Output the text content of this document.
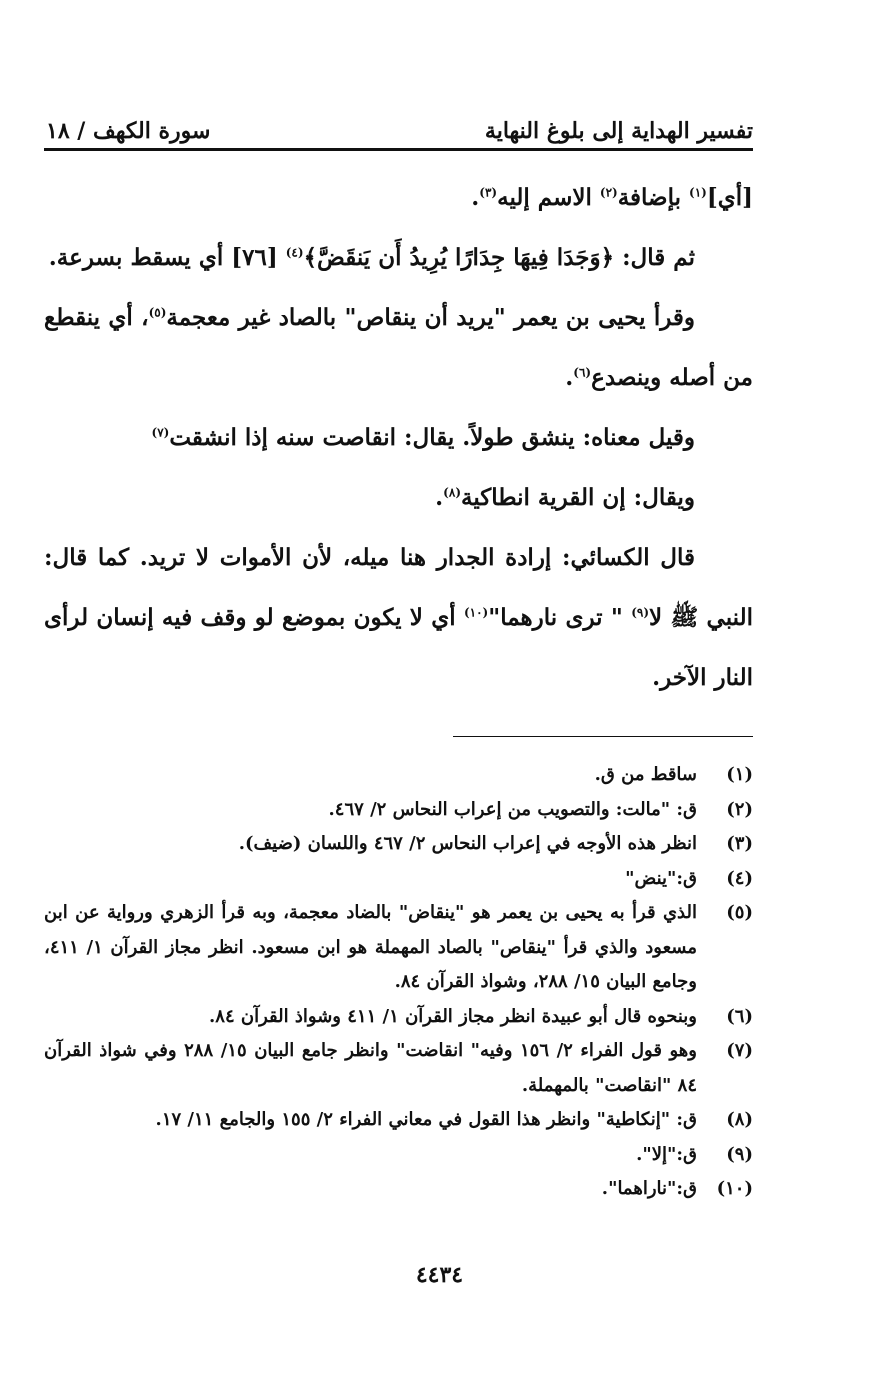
تفسير الهداية إلى بلوغ النهاية
سورة الكهف / ١٨

[أي]$^{(١)}$ بإضافة$^{(٢)}$ الاسم إليه$^{(٣)}$.

ثم قال: ﴿وَجَدَا فِيهَا جِدَارًا يُرِيدُ أَن يَنقَضَّ﴾$^{(٤)}$ [٧٦] أي يسقط بسرعة.

وقرأ يحيى بن يعمر "يريد أن ينقاص" بالصاد غير معجمة$^{(٥)}$، أي ينقطع من أصله وينصدع$^{(٦)}$.

وقيل معناه: ينشق طولاً. يقال: انقاصت سنه إذا انشقت$^{(٧)}$

ويقال: إن القرية انطاكية$^{(٨)}$.

قال الكسائي: إرادة الجدار هنا ميله، لأن الأموات لا تريد. كما قال: النبي ﷺ لا$^{(٩)}$ " ترى نارهما"$^{(١٠)}$ أي لا يكون بموضع لو وقف فيه إنسان لرأى النار الآخر.

(١)
ساقط من ق.
(٢)
ق: "مالت: والتصويب من إعراب النحاس ٢/ ٤٦٧.
(٣)
انظر هذه الأوجه في إعراب النحاس ٢/ ٤٦٧ واللسان (ضيف).
(٤)
ق:"ينض"
(٥)
الذي قرأ به يحيى بن يعمر هو "ينقاض" بالضاد معجمة، وبه قرأ الزهري ورواية عن ابن مسعود والذي قرأ "ينقاص" بالصاد المهملة هو ابن مسعود. انظر مجاز القرآن ١/ ٤١١، وجامع البيان ١٥/ ٢٨٨، وشواذ القرآن ٨٤.
(٦)
وبنحوه قال أبو عبيدة انظر مجاز القرآن ١/ ٤١١ وشواذ القرآن ٨٤.
(٧)
وهو قول الفراء ٢/ ١٥٦ وفيه" انقاضت" وانظر جامع البيان ١٥/ ٢٨٨ وفي شواذ القرآن ٨٤ "انقاصت" بالمهملة.
(٨)
ق: "إنكاطية" وانظر هذا القول في معاني الفراء ٢/ ١٥٥ والجامع ١١/ ١٧.
(٩)
ق:"إلا".
(١٠)
ق:"ناراهما".
٤٤٣٤
